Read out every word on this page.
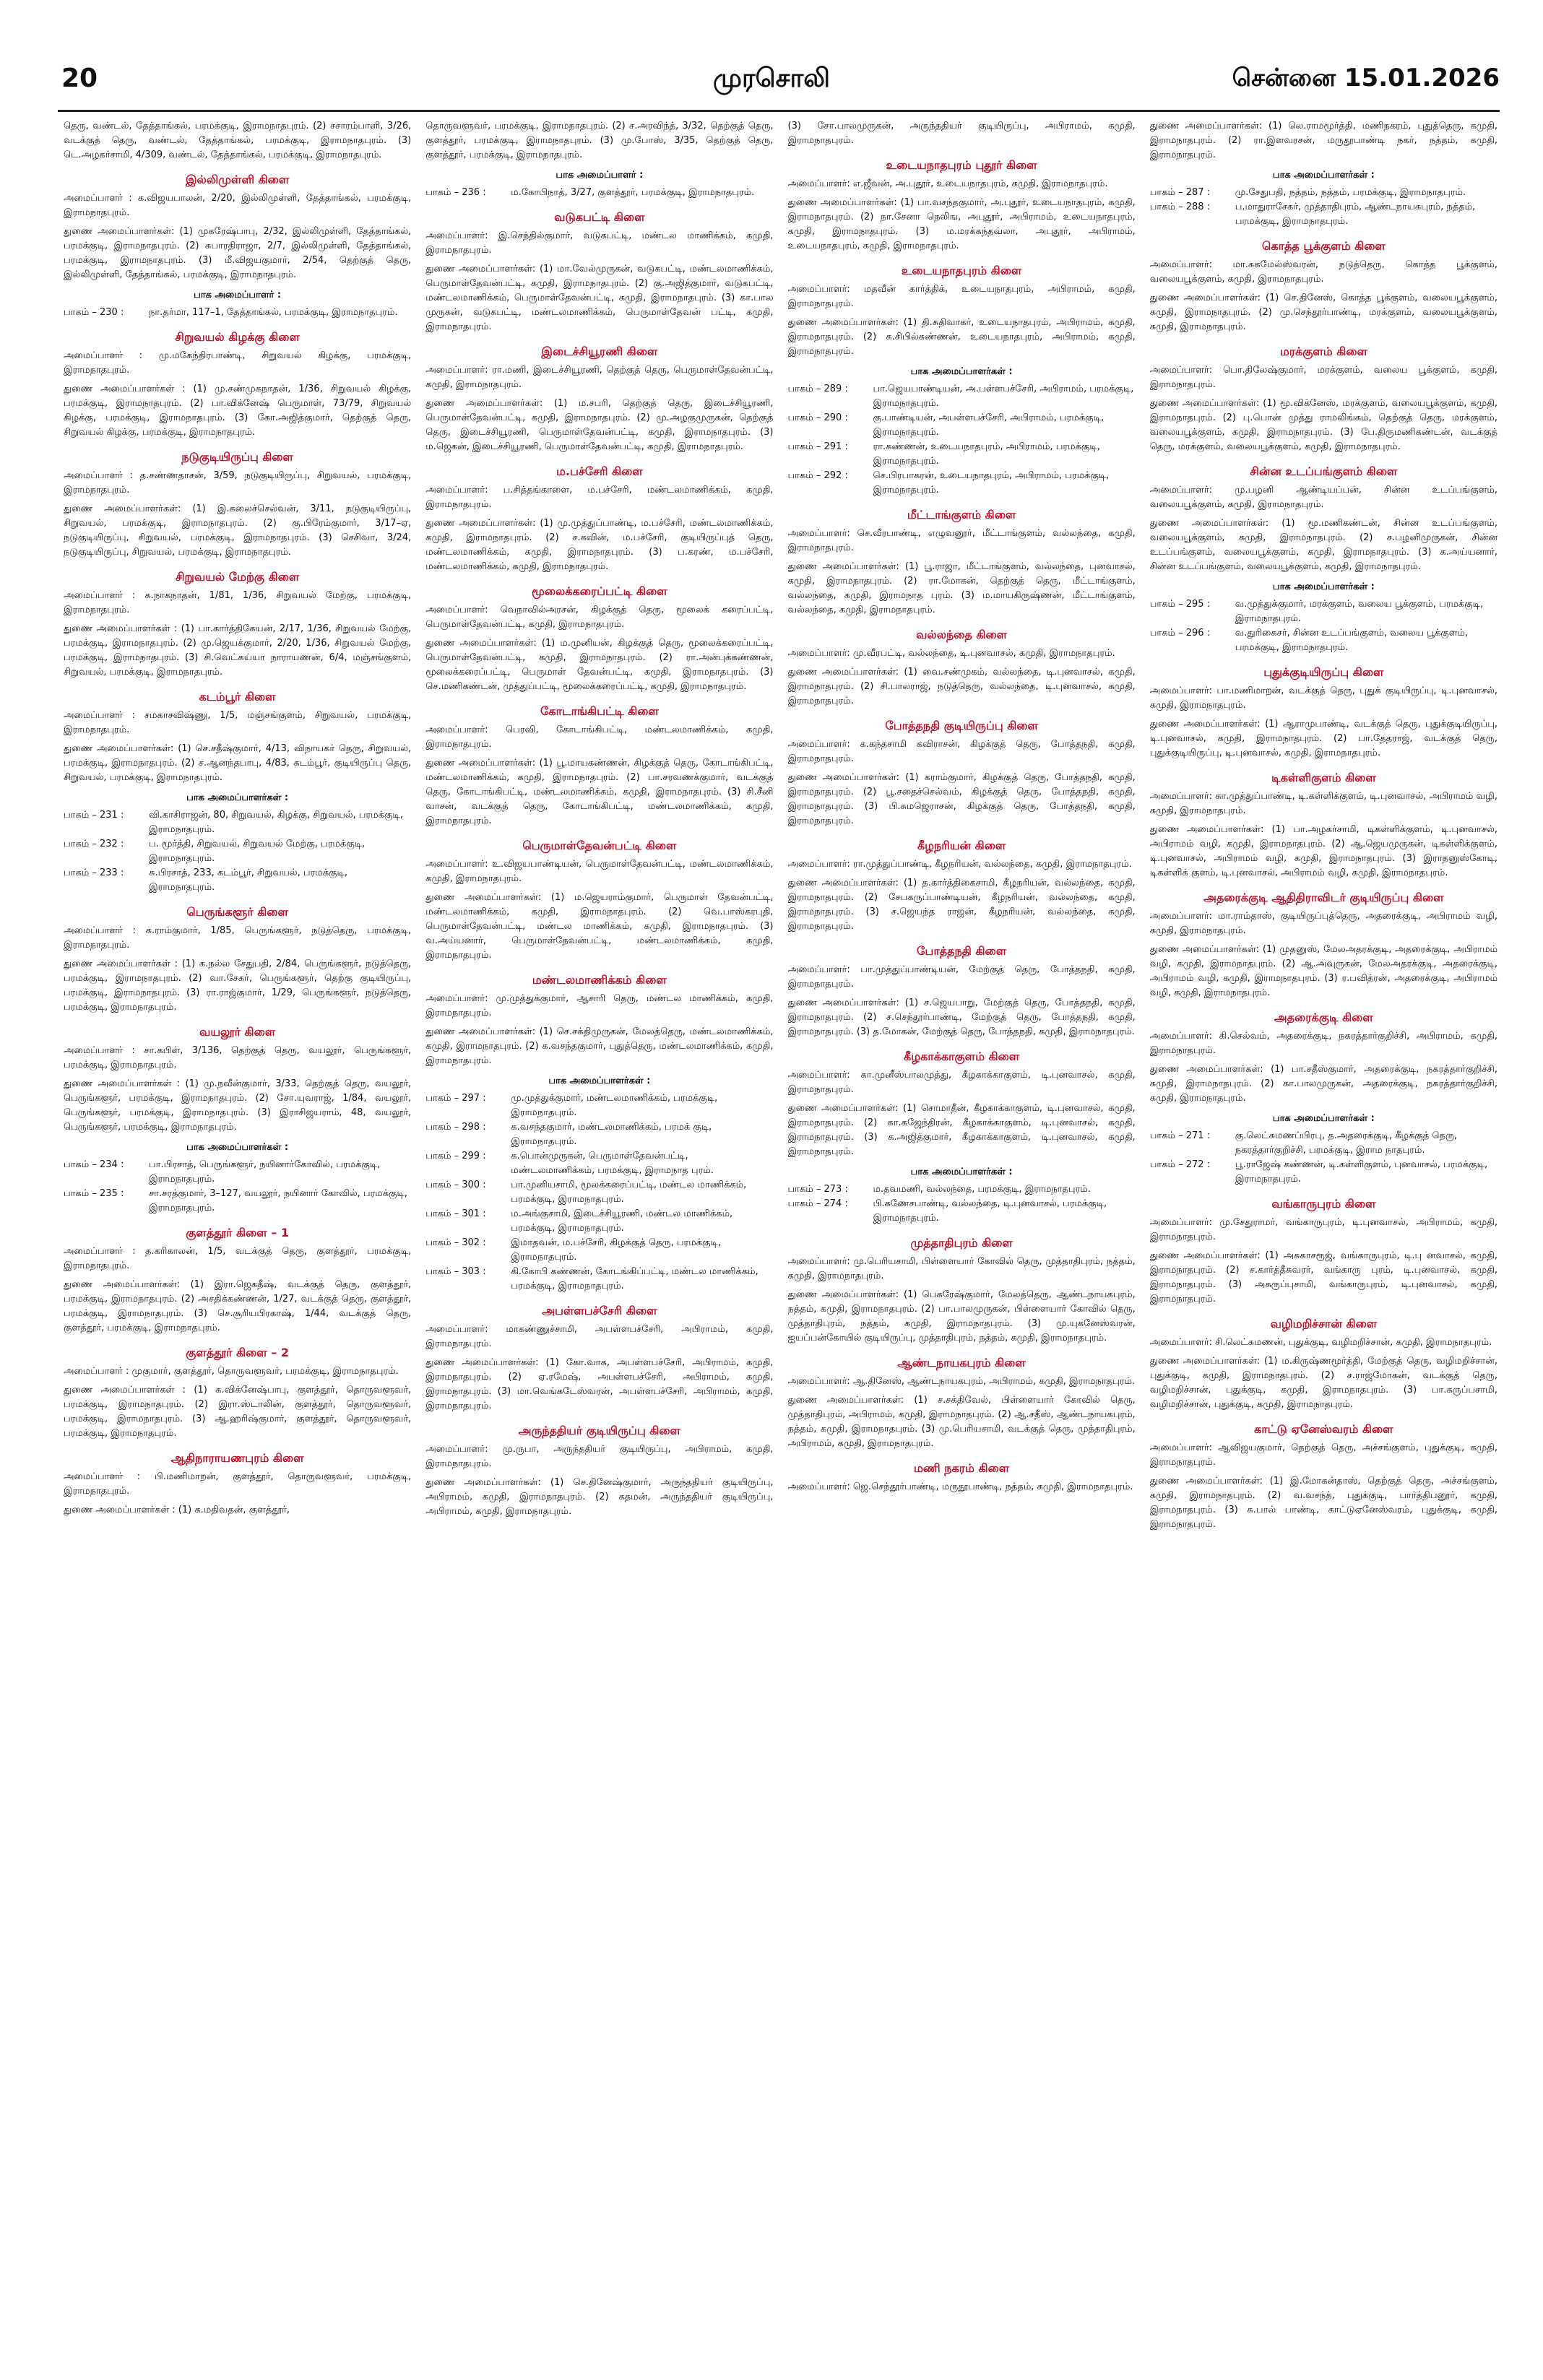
20	முரசொலி	சென்னை 15.01.2026

தெரு, வண்டல், தேத்தாங்கல், பரமக்குடி, இராமநாதபுரம். (2) சசாரம்பாளி, 3/26, வடக்குத் தெரு, வண்டல், தேத்தாங்கல், பரமக்குடி, இராமநாதபுரம். (3) டெ.அழகர்சாமி, 4/309, வண்டல், தேத்தாங்கல், பரமக்குடி, இராமநாதபுரம்.

இல்லிமுள்ளி கிளை

அமைப்பாளர் : க.விஜயபாலன், 2/20, இல்லிமுள்ளி, தேத்தாங்கல், பரமக்குடி, இராமநாதபுரம்.

துணை அமைப்பாளர்கள்: (1) முகரேஷ்பாபு, 2/32, இல்லிமுள்ளி, தேத்தாங்கல், பரமக்குடி, இராமநாதபுரம். (2) சுபாரதிராஜா, 2/7, இல்லிமுள்ளி, தேத்தாங்கல், பரமக்குடி, இராமநாதபுரம். (3) மீ.விஜயகுமார், 2/54, தெற்குத் தெரு, இல்லிமுள்ளி, தேத்தாங்கல், பரமக்குடி, இராமநாதபுரம்.

பாக அமைப்பாளர் :
பாகம் – 230 :	நா.தர்மா, 117–1, தேத்தாங்கல், பரமக்குடி, இராமநாதபுரம்.
சிறுவயல் கிழக்கு கிளை

அமைப்பாளர் : மு.மகேந்திரபாண்டி, சிறுவயல் கிழக்கு, பரமக்குடி, இராமநாதபுரம்.

துணை அமைப்பாளர்கள் : (1) மு.சண்முகநாதன், 1/36, சிறுவயல் கிழக்கு, பரமக்குடி, இராமநாதபுரம். (2) பா.விக்னேஷ் பெருமாள், 73/79, சிறுவயல் கிழக்கு, பரமக்குடி, இராமநாதபுரம். (3) கோ.அஜித்குமார், தெற்குத் தெரு, சிறுவயல் கிழக்கு, பரமக்குடி, இராமநாதபுரம்.

நடுகுடியிருப்பு கிளை

அமைப்பாளர் : த.சண்ணதாசன், 3/59, நடுகுடியிருப்பு, சிறுவயல், பரமக்குடி, இராமநாதபுரம்.

துணை அமைப்பாளர்கள்: (1) இ.கலைச்செல்வன், 3/11, நடுகுடியிருப்பு, சிறுவயல், பரமக்குடி, இராமநாதபுரம். (2) கு.பிரேம்குமார், 3/17–ஏ, நடுகுடியிருப்பு, சிறுவயல், பரமக்குடி, இராமநாதபுரம். (3) செசிவா, 3/24, நடுகுடியிருப்பு, சிறுவயல், பரமக்குடி, இராமநாதபுரம்.

சிறுவயல் மேற்கு கிளை

அமைப்பாளர் : க.நாகநாதன், 1/81, 1/36, சிறுவயல் மேற்கு, பரமக்குடி, இராமநாதபுரம்.

துணை அமைப்பாளர்கள் : (1) பா.கார்த்திகேயன், 2/17, 1/36, சிறுவயல் மேற்கு, பரமக்குடி, இராமநாதபுரம். (2) மு.ஜெயக்குமார், 2/20, 1/36, சிறுவயல் மேற்கு, பரமக்குடி, இராமநாதபுரம். (3) சி.வெட்கய்யா நாராயணன், 6/4, மஞ்சங்குளம், சிறுவயல், பரமக்குடி, இராமநாதபுரம்.

கடம்பூர் கிளை

அமைப்பாளர் : சமகாசவிஷ்ணு, 1/5, மஞ்சங்குளம், சிறுவயல், பரமக்குடி, இராமநாதபுரம்.

துணை அமைப்பாளர்கள்: (1) செ.சதீஷ்குமார், 4/13, விநாயகர் தெரு, சிறுவயல், பரமக்குடி, இராமநாதபுரம். (2) ச.ஆனந்தபாபு, 4/83, கடம்பூர், குடியிருப்பு தெரு, சிறுவயல், பரமக்குடி, இராமநாதபுரம்.

பாக அமைப்பாளர்கள் :
பாகம் – 231 :	வி.காசிராஜன், 80, சிறுவயல், கிழக்கு, சிறுவயல், பரமக்குடி, இராமநாதபுரம்.
பாகம் – 232 :	ப. மூர்த்தி, சிறுவயல், சிறுவயல் மேற்கு, பரமக்குடி, இராமநாதபுரம்.
பாகம் – 233 :	சு.பிரசாத், 233, கடம்பூர், சிறுவயல், பரமக்குடி, இராமநாதபுரம்.
பெருங்களூர் கிளை

அமைப்பாளர் : க.ராம்குமார், 1/85, பெருங்களூர், நடுத்தெரு, பரமக்குடி, இராமநாதபுரம்.

துணை அமைப்பாளர்கள் : (1) க.நல்ல சேதுபதி, 2/84, பெருங்களூர், நடுத்தெரு, பரமக்குடி, இராமநாதபுரம். (2) வா.சேகர், பெருங்களூர், தெற்கு குடியிருப்பு, பரமக்குடி, இராமநாதபுரம். (3) ரா.ராஜ்குமார், 1/29, பெருங்களூர், நடுத்தெரு, பரமக்குடி, இராமநாதபுரம்.

வயலூர் கிளை

அமைப்பாளர் : சா.கபிள், 3/136, தெற்குத் தெரு, வயலூர், பெருங்களூர், பரமக்குடி, இராமநாதபுரம்.

துணை அமைப்பாளர்கள் : (1) மு.நவீன்குமார், 3/33, தெற்குத் தெரு, வயலூர், பெருங்களூர், பரமக்குடி, இராமநாதபுரம். (2) சோ.யுவராஜ், 1/84, வயலூர், பெருங்களூர், பரமக்குடி, இராமநாதபுரம். (3) இராசிஜயராம், 48, வயலூர், பெருங்களூர், பரமக்குடி, இராமநாதபுரம்.

பாக அமைப்பாளர்கள் :
பாகம் – 234 :	பா.பிரசாத், பெருங்களூர், நயினார்கோவில், பரமக்குடி, இராமநாதபுரம்.
பாகம் – 235 :	சா.சரத்குமார், 3–127, வயலூர், நயினார் கோவில், பரமக்குடி, இராமநாதபுரம்.
குளத்தூர் கிளை – 1

அமைப்பாளர் : த.கரிகாலன், 1/5, வடக்குத் தெரு, குளத்தூர், பரமக்குடி, இராமநாதபுரம்.

துணை அமைப்பாளர்கள்: (1) இரா.ஜெகதீஷ், வடக்குத் தெரு, குளத்தூர், பரமக்குடி, இராமநாதபுரம். (2) அசதிக்கண்ணன், 1/27, வடக்குத் தெரு, குளத்தூர், பரமக்குடி, இராமநாதபுரம். (3) செ.சூரியபிரகாஷ், 1/44, வடக்குத் தெரு, குளத்தூர், பரமக்குடி, இராமநாதபுரம்.

குளத்தூர் கிளை – 2

அமைப்பாளர் : முகுமார், குளத்தூர், தொருவளூவர், பரமக்குடி, இராமநாதபுரம்.

துணை அமைப்பாளர்கள் : (1) க.விக்னேஷ்பாபு, குளத்தூர், தொருவளூவர், பரமக்குடி, இராமநாதபுரம். (2) இரா.ஸ்டாலின், குளத்தூர், தொருவளூவர், பரமக்குடி, இராமநாதபுரம். (3) ஆ.ஹரிஷ்குமார், குளத்தூர், தொருவளூவர், பரமக்குடி, இராமநாதபுரம்.

ஆதிநாராயணபுரம் கிளை

அமைப்பாளர் : பி.மணிமாறன், குளத்தூர், தொருவளூவர், பரமக்குடி, இராமநாதபுரம்.

துணை அமைப்பாளர்கள் : (1) க.மதிவதன், குளத்தூர்,

தொருவளூவர், பரமக்குடி, இராமநாதபுரம். (2) ச.அரவிந்த், 3/32, தெற்குத் தெரு, குளத்தூர், பரமக்குடி, இராமநாதபுரம். (3) மு.போஸ், 3/35, தெற்குத் தெரு, குளத்தூர், பரமக்குடி, இராமநாதபுரம்.

பாக அமைப்பாளர் :
பாகம் – 236 :	ம.கோபிநாத், 3/27, குளத்தூர், பரமக்குடி, இராமநாதபுரம்.
வடுகபட்டி கிளை

அமைப்பாளர்: இ.செந்தில்குமார், வடுகபட்டி, மண்டல மாணிக்கம், கமுதி, இராமநாதபுரம்.

துணை அமைப்பாளர்கள்: (1) மா.வேல்முருகன், வடுகபட்டி, மண்டலமாணிக்கம், பெருமாள்தேவன்பட்டி, கமுதி, இராமநாதபுரம். (2) கு.அஜித்குமார், வடுகபட்டி, மண்டலமாணிக்கம், பெருமாள்தேவன்பட்டி, கமுதி, இராமநாதபுரம். (3) கா.பால முருகன், வடுகபட்டி, மண்டலமாணிக்கம், பெருமாள்தேவன் பட்டி, கமுதி, இராமநாதபுரம்.

இடைச்சியூரணி கிளை

அமைப்பாளர்: ரா.மணி, இடைச்சியூரணி, தெற்குத் தெரு, பெருமாள்தேவன்பட்டி, கமுதி, இராமநாதபுரம்.

துணை அமைப்பாளர்கள்: (1) ம.சபரி, தெற்குத் தெரு, இடைச்சியூரணி, பெருமாள்தேவன்பட்டி, கமுதி, இராமநாதபுரம். (2) மு.அழகுமுருகன், தெற்குத் தெரு, இடைச்சியூரணி, பெருமாள்தேவன்பட்டி, கமுதி, இராமநாதபுரம். (3) ம.ஜெகன், இடைச்சியூரணி, பெருமாள்தேவன்பட்டி, கமுதி, இராமநாதபுரம்.

ம.பச்சேரி கிளை

அமைப்பாளர்: ப.சித்தங்காளை, ம.பச்சேரி, மண்டலமாணிக்கம், கமுதி, இராமநாதபுரம்.

துணை அமைப்பாளர்கள்: (1) மு.முத்துப்பாண்டி, ம.பச்சேரி, மண்டலமாணிக்கம், கமுதி, இராமநாதபுரம். (2) ச.கவின், ம.பச்சேரி, குடியிருப்புத் தெரு, மண்டலமாணிக்கம், கமுதி, இராமநாதபுரம். (3) ப.கரண், ம.பச்சேரி, மண்டலமாணிக்கம், கமுதி, இராமநாதபுரம்.

மூலைக்கரைப்பட்டி கிளை

அமைப்பாளர்: வெநாவில்அரசன், கிழக்குத் தெரு, மூலைக் கரைப்பட்டி, பெருமாள்தேவன்பட்டி, கமுதி, இராமநாதபுரம்.

துணை அமைப்பாளர்கள்: (1) ம.முனியன், கிழக்குத் தெரு, மூலைக்கரைப்பட்டி, பெருமாள்தேவன்பட்டி, கமுதி, இராமநாதபுரம். (2) ரா.அன்புக்கண்ணன், மூலைக்கரைப்பட்டி, பெருமாள் தேவன்பட்டி, கமுதி, இராமநாதபுரம். (3) செ.மணிகண்டன், முத்துப்பட்டி, மூலைக்கரைப்பட்டி, கமுதி, இராமநாதபுரம்.

கோடாங்கிபட்டி கிளை

அமைப்பாளர்: பெரவி, கோடாங்கிபட்டி, மண்டலமாணிக்கம், கமுதி, இராமநாதபுரம்.

துணை அமைப்பாளர்கள்: (1) பூ.மாயகண்ணன், கிழக்குத் தெரு, கோடாங்கிபட்டி, மண்டலமாணிக்கம், கமுதி, இராமநாதபுரம். (2) பா.சரவணக்குமார், வடக்குத் தெரு, கோடாங்கிபட்டி, மண்டலமாணிக்கம், கமுதி, இராமநாதபுரம். (3) சி.சீனி வாசன், வடக்குத் தெரு, கோடாங்கிபட்டி, மண்டலமாணிக்கம், கமுதி, இராமநாதபுரம்.

பெருமாள்தேவன்பட்டி கிளை

அமைப்பாளர்: உ.விஜயபாண்டியன், பெருமாள்தேவன்பட்டி, மண்டலமாணிக்கம், கமுதி, இராமநாதபுரம்.

துணை அமைப்பாளர்கள்: (1) ம.ஜெயராம்குமார், பெருமாள் தேவன்பட்டி, மண்டலமாணிக்கம், கமுதி, இராமநாதபுரம். (2) வெ.பாஸ்கரபுதி, பெருமாள்தேவன்பட்டி, மண்டல மாணிக்கம், கமுதி, இராமநாதபுரம். (3) வ.அய்யனார், பெருமாள்தேவன்பட்டி, மண்டலமாணிக்கம், கமுதி, இராமநாதபுரம்.

மண்டலமாணிக்கம் கிளை

அமைப்பாளர்: மு.முத்துக்குமார், ஆசாரி தெரு, மண்டல மாணிக்கம், கமுதி, இராமநாதபுரம்.

துணை அமைப்பாளர்கள்: (1) செ.சக்திமுருகன், மேலத்தெரு, மண்டலமாணிக்கம், கமுதி, இராமநாதபுரம். (2) க.வசந்தகுமார், புதுத்தெரு, மண்டலமாணிக்கம், கமுதி, இராமநாதபுரம்.

பாக அமைப்பாளர்கள் :
பாகம் – 297 :	மு.முத்துக்குமார், மண்டலமாணிக்கம், பரமக்குடி, இராமநாதபுரம்.
பாகம் – 298 :	க.வசந்தகுமார், மண்டலமாணிக்கம், பரமக் குடி, இராமநாதபுரம்.
பாகம் – 299 :	க.பொன்முருகன், பெருமாள்தேவன்பட்டி, மண்டலமாணிக்கம், பரமக்குடி, இராமநாத புரம்.
பாகம் – 300 :	பா.முனியசாமி, மூலக்கரைப்பட்டி, மண்டல மாணிக்கம், பரமக்குடி, இராமநாதபுரம்.
பாகம் – 301 :	ம.அங்குசாமி, இடைச்சியூரணி, மண்டல மாணிக்கம், பரமக்குடி, இராமநாதபுரம்.
பாகம் – 302 :	இமாதவன், ம.பச்சேரி, கிழக்குத் தெரு, பரமக்குடி, இராமநாதபுரம்.
பாகம் – 303 :	கி.கோபி கண்ணன், கோடங்கிப்பட்டி, மண்டல மாணிக்கம், பரமக்குடி, இராமநாதபுரம்.
அபள்ளபச்சேரி கிளை

அமைப்பாளர்: மாகண்ணுச்சாமி, அபள்ளபச்சேரி, அபிராமம், கமுதி, இராமநாதபுரம்.

துணை அமைப்பாளர்கள்: (1) கோ.வாசு, அபள்ளபச்சேரி, அபிராமம், கமுதி, இராமநாதபுரம். (2) ஏ.ரமேஷ், அபள்ளபச்சேரி, அபிராமம், கமுதி, இராமநாதபுரம். (3) மா.வெங்கடேஸ்வரன், அபள்ளபச்சேரி, அபிராமம், கமுதி, இராமநாதபுரம்.

அருந்ததியர் குடியிருப்பு கிளை

அமைப்பாளர்: மு.ருபா, அருந்ததியர் குடியிருப்பு, அபிராமம், கமுதி, இராமநாதபுரம்.

துணை அமைப்பாளர்கள்: (1) செ.தினேஷ்குமார், அருந்ததியர் குடியிருப்பு, அபிராமம், கமுதி, இராமநாதபுரம். (2) கதமன், அருந்ததியர் குடியிருப்பு, அபிராமம், கமுதி, இராமநாதபுரம்.

(3) சோ.பாலமுருகன், அருந்ததியர் குடியிருப்பு, அபிராமம், கமுதி, இராமநாதபுரம்.

உடையநாதபுரம் புதூர் கிளை

அமைப்பாளர்: எ.ஜீவன், அ.புதூர், உடையநாதபுரம், கமுதி, இராமநாதபுரம்.

துணை அமைப்பாளர்கள்: (1) பா.வசந்தகுமார், அ.புதூர், உடையநாதபுரம், கமுதி, இராமநாதபுரம். (2) நா.சேனா நெலிங, அபுதூர், அபிராமம், உடையநாதபுரம், கமுதி, இராமநாதபுரம். (3) ம.மரக்கந்தவ்லா, அபுதூர், அபிராமம், உடையநாதபுரம், கமுதி, இராமநாதபுரம்.

உடையநாதபுரம் கிளை

அமைப்பாளர்: மதவீன் கார்த்திக், உடையநாதபுரம், அபிராமம், கமுதி, இராமநாதபுரம்.

துணை அமைப்பாளர்கள்: (1) தி.சுதிவாகர், உடையநாதபுரம், அபிராமம், கமுதி, இராமநாதபுரம். (2) க.சிபில்கண்ணன், உடையநாதபுரம், அபிராமம், கமுதி, இராமநாதபுரம்.

பாக அமைப்பாளர்கள் :
பாகம் – 289 :	பா.ஜெயபாண்டியன், அ.பள்ளபச்சேரி, அபிராமம், பரமக்குடி, இராமநாதபுரம்.
பாகம் – 290 :	கு.பாண்டியன், அபள்ளபச்சேரி, அபிராமம், பரமக்குடி, இராமநாதபுரம்.
பாகம் – 291 :	ரா.கண்ணன், உடையநாதபுரம், அபிராமம், பரமக்குடி, இராமநாதபுரம்.
பாகம் – 292 :	செ.பிரபாகரன், உடையநாதபுரம், அபிராமம், பரமக்குடி, இராமநாதபுரம்.
மீட்டாங்குளம் கிளை

அமைப்பாளர்: செ.வீரபாண்டி, எழுவனூர், மீட்டாங்குளம், வல்லந்தை, கமுதி, இராமநாதபுரம்.

துணை அமைப்பாளர்கள்: (1) பூ.ராஜா, மீட்டாங்குளம், வல்லந்தை, புனவாசல், கமுதி, இராமநாதபுரம். (2) ரா.மோகன், தெற்குத் தெரு, மீட்டாங்குளம், வல்லந்தை, கமுதி, இராமநாத புரம். (3) ம.மாயகிருஷ்ணன், மீட்டாங்குளம், வல்லந்தை, கமுதி, இராமநாதபுரம்.

வல்லந்தை கிளை

அமைப்பாளர்: மு.வீரபட்டி, வல்லந்தை, டி.புனவாசல், கமுதி, இராமநாதபுரம்.

துணை அமைப்பாளர்கள்: (1) வை.சண்முகம், வல்லந்தை, டி.புனவாசல், கமுதி, இராமநாதபுரம். (2) சி.பாலராஜ், நடுத்தெரு, வல்லந்தை, டி.புனவாசல், கமுதி, இராமநாதபுரம்.

போத்தநதி குடியிருப்பு கிளை

அமைப்பாளர்: க.கந்தசாமி கவிராசன், கிழக்குத் தெரு, போத்தநதி, கமுதி, இராமநாதபுரம்.

துணை அமைப்பாளர்கள்: (1) கராம்குமார், கிழக்குத் தெரு, போத்தநதி, கமுதி, இராமநாதபுரம். (2) பூ.சதைச்செல்வம், கிழக்குத் தெரு, போத்தநதி, கமுதி, இராமநாதபுரம். (3) பி.சுமஜெராசன், கிழக்குத் தெரு, போத்தநதி, கமுதி, இராமநாதபுரம்.

கீழநரியன் கிளை

அமைப்பாளர்: ரா.முத்துப்பாண்டி, கீழநரியன், வல்லந்தை, கமுதி, இராமநாதபுரம்.

துணை அமைப்பாளர்கள்: (1) த.கார்த்திகைசாமி, கீழநரியன், வல்லந்தை, கமுதி, இராமநாதபுரம். (2) சேபகருப்பாண்டியன், கீழநரியன், வல்லந்தை, கமுதி, இராமநாதபுரம். (3) ச.ஜெயந்த ராஜன், கீழநரியன், வல்லந்தை, கமுதி, இராமநாதபுரம்.

போத்தநதி கிளை

அமைப்பாளர்: பா.முத்துப்பாண்டியன், மேற்குத் தெரு, போத்தநதி, கமுதி, இராமநாதபுரம்.

துணை அமைப்பாளர்கள்: (1) ச.ஜெயபாறு, மேற்குத் தெரு, போத்தநதி, கமுதி, இராமநாதபுரம். (2) ச.செந்தூர்பாண்டி, மேற்குத் தெரு, போத்தநதி, கமுதி, இராமநாதபுரம். (3) த.மோகன், மேற்குத் தெரு, போத்தநதி, கமுதி, இராமநாதபுரம்.

கீழகாக்காகுளம் கிளை

அமைப்பாளர்: கா.முனீஸ்பாலமுத்து, கீழகாக்காகுளம், டி.புனவாசல், கமுதி, இராமநாதபுரம்.

துணை அமைப்பாளர்கள்: (1) சொமாதீன், கீழகாக்காகுளம், டி.புனவாசல், கமுதி, இராமநாதபுரம். (2) கா.கஜேந்திரன், கீழகாக்காகுளம், டி.புனவாசல், கமுதி, இராமநாதபுரம். (3) க.அஜித்குமார், கீழகாக்காகுளம், டி.புனவாசல், கமுதி, இராமநாதபுரம்.

பாக அமைப்பாளர்கள் :
பாகம் – 273 :	ம.தவமணி, வல்லந்தை, பரமக்குடி, இராமநாதபுரம்.
பாகம் – 274 :	பி.கணேசபாண்டி, வல்லந்தை, டி.புனவாசல், பரமக்குடி, இராமநாதபுரம்.
முத்தாதிபுரம் கிளை

அமைப்பாளர்: மு.பெரியசாமி, பிள்ளையார் கோவில் தெரு, முத்தாதிபுரம், நத்தம், கமுதி, இராமநாதபுரம்.

துணை அமைப்பாளர்கள்: (1) பெசுரேஷ்குமார், மேலத்தெரு, ஆண்டநாயகபுரம், நத்தம், கமுதி, இராமநாதபுரம். (2) பா.பாலமுருகன், பிள்ளையார் கோவில் தெரு, முத்தாதிபுரம், நத்தம், கமுதி, இராமநாதபுரம். (3) மு.யுகனேஸ்வரன், ஐயப்பன்கோயில் குடியிருப்பு, முத்தாதிபுரம், நத்தம், கமுதி, இராமநாதபுரம்.

ஆண்டநாயகபுரம் கிளை

அமைப்பாளர்: ஆ.தினேஸ், ஆண்டநாயகபுரம், அபிராமம், கமுதி, இராமநாதபுரம்.

துணை அமைப்பாளர்கள்: (1) ச.சக்திவேல், பிள்ளையார் கோவில் தெரு, முத்தாதிபுரம், அபிராமம், கமுதி, இராமநாதபுரம். (2) ஆ.சதீஸ், ஆண்டநாயகபுரம், நத்தம், கமுதி, இராமநாதபுரம். (3) மு.பெரியசாமி, வடக்குத் தெரு, முத்தாதிபுரம், அபிராமம், கமுதி, இராமநாதபுரம்.

மணி நகரம் கிளை

அமைப்பாளர்: ஜெ.செந்தூர்பாண்டி, மருதூபாண்டி, நத்தம், கமுதி, இராமநாதபுரம்.

துணை அமைப்பாளர்கள்: (1) லெ.ராமமூர்த்தி, மணிநகரம், புதுத்தெரு, கமுதி, இராமநாதபுரம். (2) ரா.இளவரசன், மருதூபாண்டி நகர், நத்தம், கமுதி, இராமநாதபுரம்.

பாக அமைப்பாளர்கள் :
பாகம் – 287 :	மு.சேதுபதி, நத்தம், நத்தம், பரமக்குடி, இராமநாதபுரம்.
பாகம் – 288 :	ப.மாதுராசேகர், முத்தாதிபுரம், ஆண்டநாயகபுரம், நத்தம், பரமக்குடி, இராமநாதபுரம்.
கொத்த பூக்குளம் கிளை

அமைப்பாளர்: மா.சுகமேல்ஸ்வரன், நடுத்தெரு, கொத்த பூக்குளம், வலையபூக்குளம், கமுதி, இராமநாதபுரம்.

துணை அமைப்பாளர்கள்: (1) செ.தினேஸ், கொத்த பூக்குளம், வலையபூக்குளம், கமுதி, இராமநாதபுரம். (2) மு.செந்தூர்பாண்டி, மரக்குளம், வலையபூக்குளம், கமுதி, இராமநாதபுரம்.

மரக்குளம் கிளை

அமைப்பாளர்: பொ.திலேஷ்குமார், மரக்குளம், வலைய பூக்குளம், கமுதி, இராமநாதபுரம்.

துணை அமைப்பாளர்கள்: (1) மூ.விக்னேஸ், மரக்குளம், வலையபூக்குளம், கமுதி, இராமநாதபுரம். (2) பு.பொன் முத்து ராமலிங்கம், தெற்குத் தெரு, மரக்குளம், வலையபூக்குளம், கமுதி, இராமநாதபுரம். (3) பே.திருமணிகண்டன், வடக்குத் தெரு, மரக்குளம், வலையபூக்குளம், கமுதி, இராமநாதபுரம்.

சின்ன உடப்பங்குளம் கிளை

அமைப்பாளர்: மு.பழனி ஆண்டியப்பன், சின்ன உடப்பங்குளம், வலையபூக்குளம், கமுதி, இராமநாதபுரம்.

துணை அமைப்பாளர்கள்: (1) மூ.மணிகண்டன், சின்ன உடப்பங்குளம், வலையபூக்குளம், கமுதி, இராமநாதபுரம். (2) ச.பழனிமுருகன், சின்ன உடப்பங்குளம், வலையபூக்குளம், கமுதி, இராமநாதபுரம். (3) க.அய்யனார், சின்ன உடப்பங்குளம், வலையபூக்குளம், கமுதி, இராமநாதபுரம்.

பாக அமைப்பாளர்கள் :
பாகம் – 295 :	வ.முத்துக்குமார், மரக்குளம், வலைய பூக்குளம், பரமக்குடி, இராமநாதபுரம்.
பாகம் – 296 :	வ.துரிகைசர், சின்ன உடப்பங்குளம், வலைய பூக்குளம், பரமக்குடி, இராமநாதபுரம்.
புதுக்குடியிருப்பு கிளை

அமைப்பாளர்: பா.மணிமாறன், வடக்குத் தெரு, புதுக் குடியிருப்பு, டி.புனவாசல், கமுதி, இராமநாதபுரம்.

துணை அமைப்பாளர்கள்: (1) ஆராமுபாண்டி, வடக்குத் தெரு, புதுக்குடியிருப்பு, டி.புனவாசல், கமுதி, இராமநாதபுரம். (2) பா.தேதராஜ், வடக்குத் தெரு, புதுக்குடியிருப்பு, டி.புனவாசல், கமுதி, இராமநாதபுரம்.

டிகள்ளிகுளம் கிளை

அமைப்பாளர்: கா.முத்துப்பாண்டி, டி.கள்ளிக்குளம், டி.புனவாசல், அபிராமம் வழி, கமுதி, இராமநாதபுரம்.

துணை அமைப்பாளர்கள்: (1) பா.அழகர்சாமி, டிகள்ளிக்குளம், டி.புனவாசல், அபிராமம் வழி, கமுதி, இராமநாதபுரம். (2) ஆ.ஜெயமுருகன், டிகள்ளிக்குளம், டி.புனவாசல், அபிராமம் வழி, கமுதி, இராமநாதபுரம். (3) இராதனுஸ்கோடி, டிகள்ளிக் குளம், டி.புனவாசல், அபிராமம் வழி, கமுதி, இராமநாதபுரம்.

அதரைக்குடி ஆதிதிராவிடர் குடியிருப்பு கிளை

அமைப்பாளர்: மா.ராம்தாஸ், குடியிருப்புத்தெரு, அதரைக்குடி, அபிராமம் வழி, கமுதி, இராமநாதபுரம்.

துணை அமைப்பாளர்கள்: (1) முதனுஸ், மேலஅதரக்குடி, அதரைக்குடி, அபிராமம் வழி, கமுதி, இராமநாதபுரம். (2) ஆ.அவுருகன், மேலஅதரக்குடி, அதரைக்குடி, அபிராமம் வழி, கமுதி, இராமநாதபுரம். (3) ர.பவித்ரன், அதரைக்குடி, அபிராமம் வழி, கமுதி, இராமநாதபுரம்.

அதரைக்குடி கிளை

அமைப்பாளர்: கி.செல்வம், அதரைக்குடி, நகரத்தார்குறிச்சி, அபிராமம், கமுதி, இராமநாதபுரம்.

துணை அமைப்பாளர்கள்: (1) பா.சதீஸ்குமார், அதரைக்குடி, நகரத்தார்குறிச்சி, கமுதி, இராமநாதபுரம். (2) கா.பாலமுருகன், அதரைக்குடி, நகரத்தார்குறிச்சி, கமுதி, இராமநாதபுரம்.

பாக அமைப்பாளர்கள் :
பாகம் – 271 :	கு.லெட்சுமணப்பிரபு, த.அதரைக்குடி, கீழக்குத் தெரு, நகரத்தார்குறிச்சி, பரமக்குடி, இராம நாதபுரம்.
பாகம் – 272 :	பூ.ராஜேஷ் கண்ணன், டி.கள்ளிகுளம், புனவாசல், பரமக்குடி, இராமநாதபுரம்.
வங்காருபுரம் கிளை

அமைப்பாளர்: மு.சேதுராமர், வங்காருபுரம், டி.புனவாசல், அபிராமம், கமுதி, இராமநாதபுரம்.

துணை அமைப்பாளர்கள்: (1) அசுகாசரூஜ், வங்காருபுரம், டி.பு னவாசல், கமுதி, இராமநாதபுரம். (2) ச.கார்த்தீசுவரர், வங்காரு புரம், டி.புனவாசல், கமுதி, இராமநாதபுரம். (3) அசுருப்புசாமி, வங்காருபுரம், டி.புனவாசல், கமுதி, இராமநாதபுரம்.

வழிமறிச்சான் கிளை

அமைப்பாளர்: சி.லெட்சுமணன், புதுக்குடி, வழிமறிச்சான், கமுதி, இராமநாதபுரம்.

துணை அமைப்பாளர்கள்: (1) ம.கிருஷ்ணமூர்த்தி, மேற்குத் தெரு, வழிமறிச்சான், புதுக்குடி, கமுதி, இராமநாதபுரம். (2) ச.ராஜ்மோகன், வடக்குத் தெரு, வழிமறிச்சான், புதுக்குடி, கமுதி, இராமநாதபுரம். (3) பா.கருப்பசாமி, வழிமறிச்சான், புதுக்குடி, கமுதி, இராமநாதபுரம்.

காட்டு ஏனேஸ்வரம் கிளை

அமைப்பாளர்: ஆவிஜயகுமார், தெற்குத் தெரு, அச்சங்குளம், புதுக்குடி, கமுதி, இராமநாதபுரம்.

துணை அமைப்பாளர்கள்: (1) இ.மோகன்தாஸ், தெற்குத் தெரு, அச்சங்குளம், கமுதி, இராமநாதபுரம். (2) வ.வசந்த், புதுக்குடி, பார்த்திபனூர், கமுதி, இராமநாதபுரம். (3) சு.பால் பாண்டி, காட்டுஏனேஸ்வரம், புதுக்குடி, கமுதி, இராமநாதபுரம்.
